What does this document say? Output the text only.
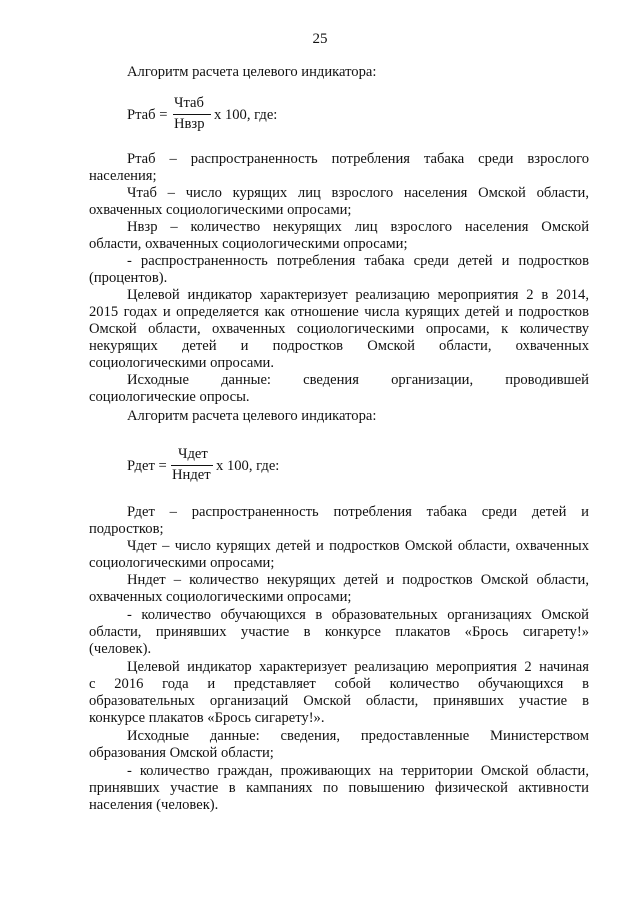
25
Алгоритм расчета целевого индикатора:
Ртаб =
Чтаб
Нвзр
х 100, где:
Ртаб – распространенность потребления табака среди взрослого
населения;
Чтаб – число курящих лиц взрослого населения Омской области,
охваченных социологическими опросами;
Нвзр – количество некурящих лиц взрослого населения Омской
области, охваченных социологическими опросами;
- распространенность потребления табака среди детей и подростков
(процентов).
Целевой индикатор характеризует реализацию мероприятия 2 в 2014,
2015 годах и определяется как отношение числа курящих детей и подростков
Омской области, охваченных социологическими опросами, к количеству
некурящих детей и подростков Омской области, охваченных
социологическими опросами.
Исходные данные: сведения организации, проводившей
социологические опросы.
Алгоритм расчета целевого индикатора:
Рдет =
Чдет
Нндет
х 100, где:
Рдет – распространенность потребления табака среди детей и
подростков;
Чдет – число курящих детей и подростков Омской области, охваченных
социологическими опросами;
Нндет – количество некурящих детей и подростков Омской области,
охваченных социологическими опросами;
- количество обучающихся в образовательных организациях Омской
области, принявших участие в конкурсе плакатов «Брось сигарету!»
(человек).
Целевой индикатор характеризует реализацию мероприятия 2 начиная
с 2016 года и представляет собой количество обучающихся в
образовательных организаций Омской области, принявших участие в
конкурсе плакатов «Брось сигарету!».
Исходные данные: сведения, предоставленные Министерством
образования Омской области;
- количество граждан, проживающих на территории Омской области,
принявших участие в кампаниях по повышению физической активности
населения (человек).
